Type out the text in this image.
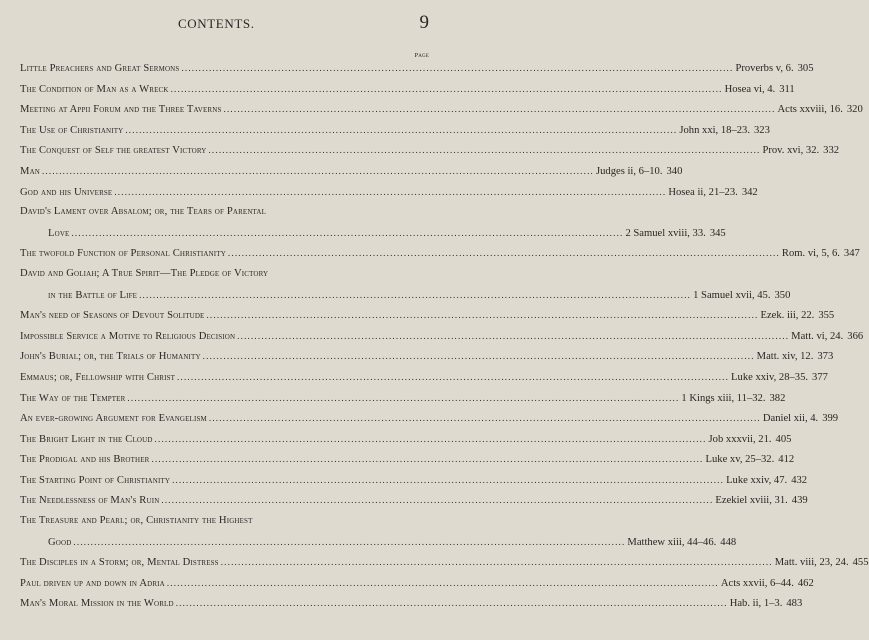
CONTENTS.	9
Page
Little Preachers and Great Sermons ................................................................................................................................................................ Proverbs v, 6. 305
The Condition of Man as a Wreck ................................................................................................................................................................ Hosea vi, 4. 311
Meeting at Appii Forum and the Three Taverns ................................................................................................................................................................ Acts xxviii, 16. 320
The Use of Christianity ................................................................................................................................................................ John xxi, 18–23. 323
The Conquest of Self the greatest Victory ................................................................................................................................................................ Prov. xvi, 32. 332
Man ................................................................................................................................................................ Judges ii, 6–10. 340
God and his Universe ................................................................................................................................................................ Hosea ii, 21–23. 342
David's Lament over Absalom; or, the Tears of Parental
Love ................................................................................................................................................................ 2 Samuel xviii, 33. 345
The twofold Function of Personal Christianity ................................................................................................................................................................ Rom. vi, 5, 6. 347
David and Goliah; A True Spirit—The Pledge of Victory
in the Battle of Life ................................................................................................................................................................ 1 Samuel xvii, 45. 350
Man's need of Seasons of Devout Solitude ................................................................................................................................................................ Ezek. iii, 22. 355
Impossible Service a Motive to Religious Decision ................................................................................................................................................................ Matt. vi, 24. 366
John's Burial; or, the Trials of Humanity ................................................................................................................................................................ Matt. xiv, 12. 373
Emmaus; or, Fellowship with Christ ................................................................................................................................................................ Luke xxiv, 28–35. 377
The Way of the Tempter ................................................................................................................................................................ 1 Kings xiii, 11–32. 382
An ever-growing Argument for Evangelism ................................................................................................................................................................ Daniel xii, 4. 399
The Bright Light in the Cloud ................................................................................................................................................................ Job xxxvii, 21. 405
The Prodigal and his Brother ................................................................................................................................................................ Luke xv, 25–32. 412
The Starting Point of Christianity ................................................................................................................................................................ Luke xxiv, 47. 432
The Needlessness of Man's Ruin ................................................................................................................................................................ Ezekiel xviii, 31. 439
The Treasure and Pearl; or, Christianity the Highest
Good ................................................................................................................................................................ Matthew xiii, 44–46. 448
The Disciples in a Storm; or, Mental Distress ................................................................................................................................................................ Matt. viii, 23, 24. 455
Paul driven up and down in Adria ................................................................................................................................................................ Acts xxvii, 6–44. 462
Man's Moral Mission in the World ................................................................................................................................................................ Hab. ii, 1–3. 483
